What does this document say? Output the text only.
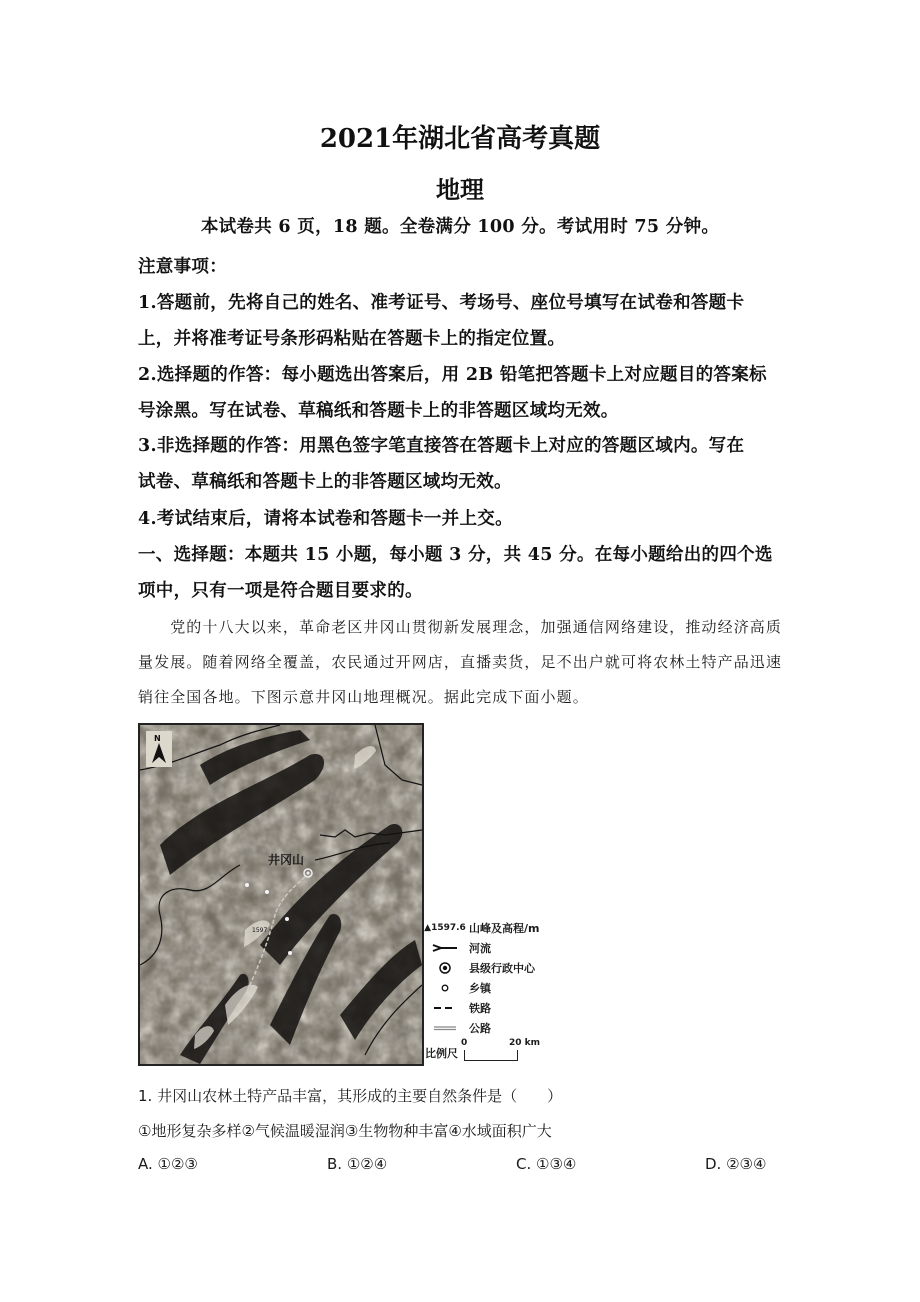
2021年湖北省高考真题
地理
本试卷共 6 页，18 题。全卷满分 100 分。考试用时 75 分钟。
注意事项：
1.答题前，先将自己的姓名、准考证号、考场号、座位号填写在试卷和答题卡
上，并将准考证号条形码粘贴在答题卡上的指定位置。
2.选择题的作答：每小题选出答案后，用 2B 铅笔把答题卡上对应题目的答案标
号涂黑。写在试卷、草稿纸和答题卡上的非答题区域均无效。
3.非选择题的作答：用黑色签字笔直接答在答题卡上对应的答题区域内。写在
试卷、草稿纸和答题卡上的非答题区域均无效。
4.考试结束后，请将本试卷和答题卡一并上交。
一、选择题：本题共 15 小题，每小题 3 分，共 45 分。在每小题给出的四个选
项中，只有一项是符合题目要求的。
　　党的十八大以来，革命老区井冈山贯彻新发展理念，加强通信网络建设，推动经济高质
量发展。随着网络全覆盖，农民通过开网店，直播卖货，足不出户就可将农林土特产品迅速
销往全国各地。下图示意井冈山地理概况。据此完成下面小题。
N
井冈山
1597.6	▲1597.6 山峰及高程/m
河流
县级行政中心
乡镇
铁路
公路
比例尺
0	20 km
1. 井冈山农林土特产品丰富，其形成的主要自然条件是（　　）
①地形复杂多样②气候温暖湿润③生物物种丰富④水域面积广大
A. ①②③	B. ①②④	C. ①③④	D. ②③④
